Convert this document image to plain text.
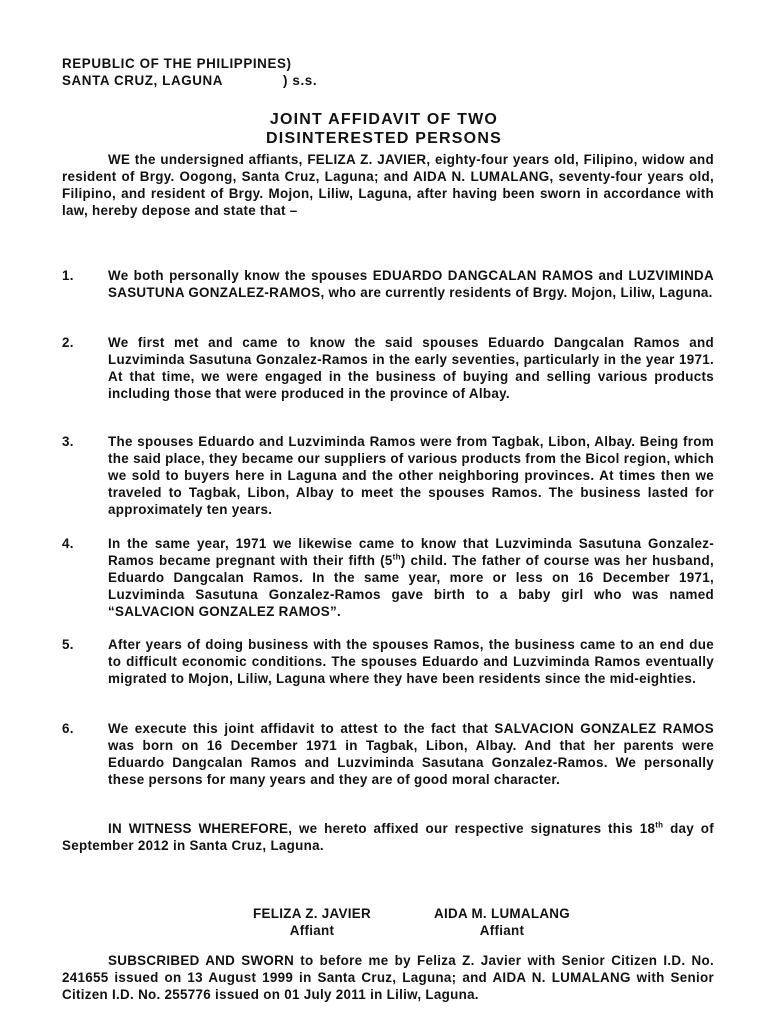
REPUBLIC OF THE PHILIPPINES)
SANTA CRUZ, LAGUNA              ) s.s.
JOINT AFFIDAVIT OF TWO
DISINTERESTED PERSONS

WE the undersigned affiants, FELIZA Z. JAVIER, eighty-four years old, Filipino, widow and resident of Brgy. Oogong, Santa Cruz, Laguna; and AIDA N. LUMALANG, seventy-four years old, Filipino, and resident of Brgy. Mojon, Liliw, Laguna, after having been sworn in accordance with law, hereby depose and state that –

1.	We both personally know the spouses EDUARDO DANGCALAN RAMOS and LUZVIMINDA SASUTUNA GONZALEZ-RAMOS, who are currently residents of Brgy. Mojon, Liliw, Laguna.
2.	We first met and came to know the said spouses Eduardo Dangcalan Ramos and Luzviminda Sasutuna Gonzalez-Ramos in the early seventies, particularly in the year 1971. At that time, we were engaged in the business of buying and selling various products including those that were produced in the province of Albay.
3.	The spouses Eduardo and Luzviminda Ramos were from Tagbak, Libon, Albay. Being from the said place, they became our suppliers of various products from the Bicol region, which we sold to buyers here in Laguna and the other neighboring provinces. At times then we traveled to Tagbak, Libon, Albay to meet the spouses Ramos. The business lasted for approximately ten years.
4.	In the same year, 1971 we likewise came to know that Luzviminda Sasutuna Gonzalez-Ramos became pregnant with their fifth (5th) child. The father of course was her husband, Eduardo Dangcalan Ramos. In the same year, more or less on 16 December 1971, Luzviminda Sasutuna Gonzalez-Ramos gave birth to a baby girl who was named “SALVACION GONZALEZ RAMOS”.
5.	After years of doing business with the spouses Ramos, the business came to an end due to difficult economic conditions. The spouses Eduardo and Luzviminda Ramos eventually migrated to Mojon, Liliw, Laguna where they have been residents since the mid-eighties.
6.	We execute this joint affidavit to attest to the fact that SALVACION GONZALEZ RAMOS was born on 16 December 1971 in Tagbak, Libon, Albay. And that her parents were Eduardo Dangcalan Ramos and Luzviminda Sasutana Gonzalez-Ramos. We personally these persons for many years and they are of good moral character.

IN WITNESS WHEREFORE, we hereto affixed our respective signatures this 18th day of September 2012 in Santa Cruz, Laguna.

FELIZA Z. JAVIER
Affiant
AIDA M. LUMALANG
Affiant

SUBSCRIBED AND SWORN to before me by Feliza Z. Javier with Senior Citizen I.D. No. 241655 issued on 13 August 1999 in Santa Cruz, Laguna; and AIDA N. LUMALANG with Senior Citizen I.D. No. 255776 issued on 01 July 2011 in Liliw, Laguna.
